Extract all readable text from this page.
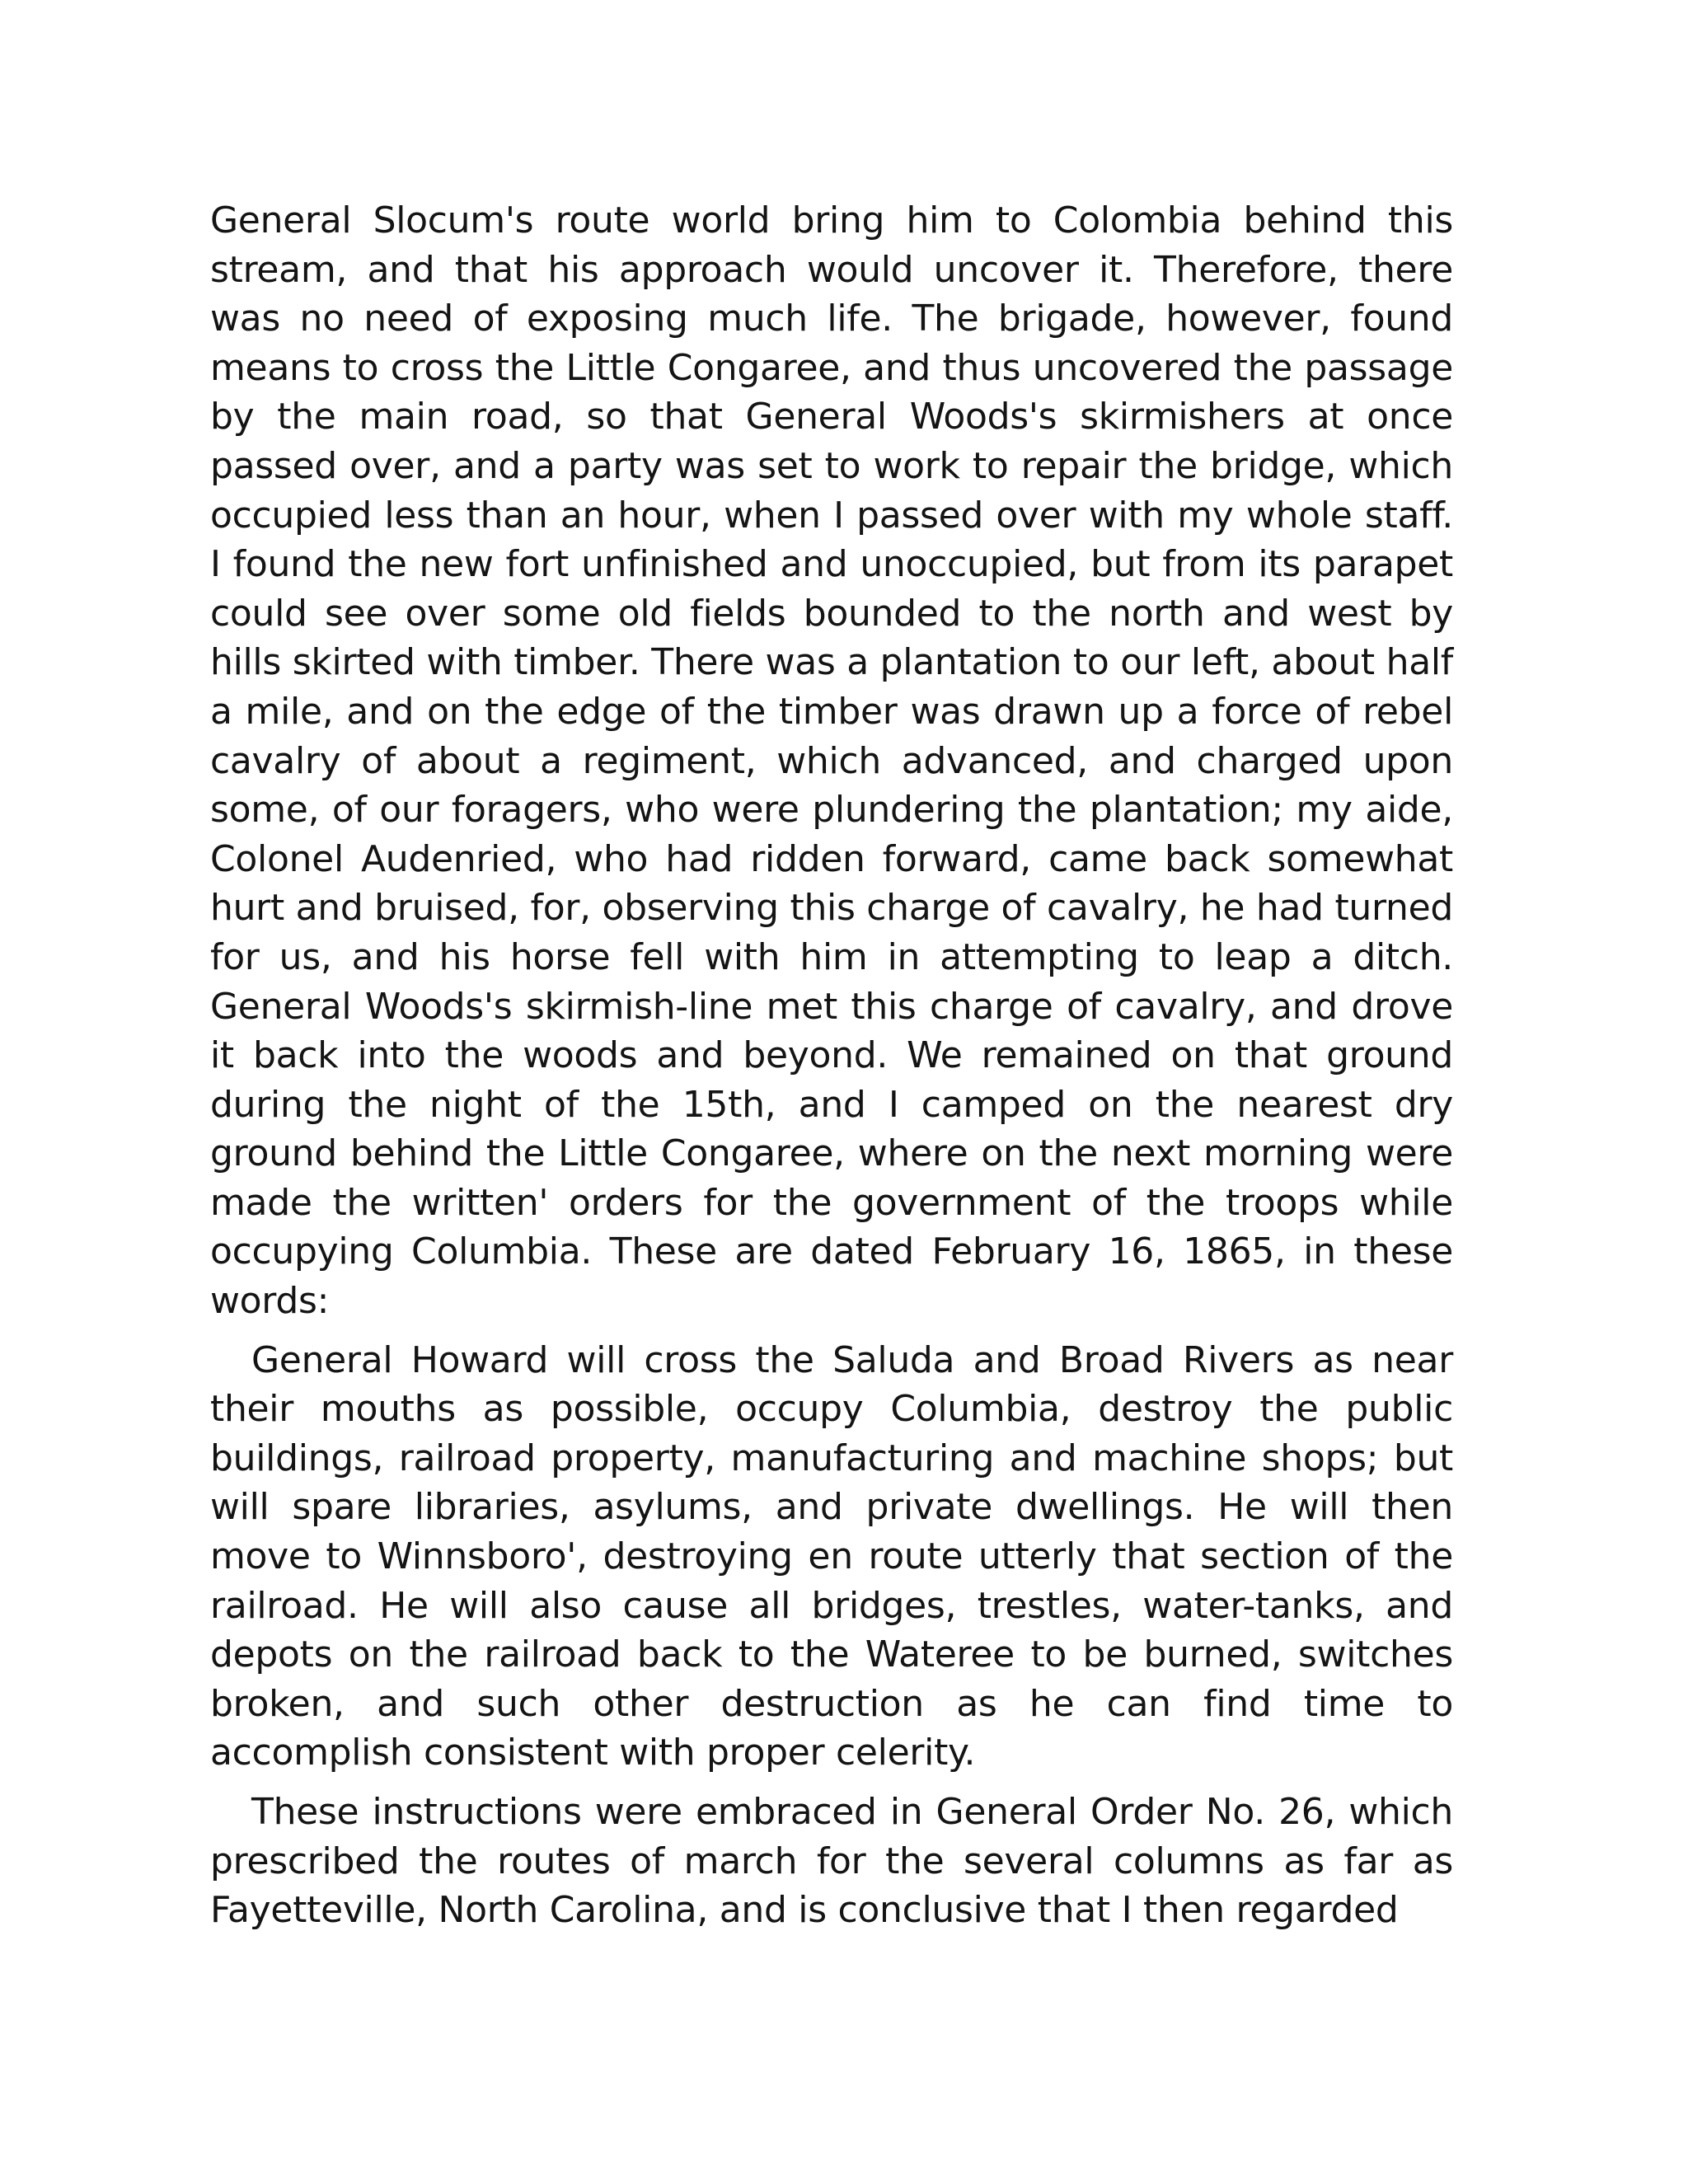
General Slocum's route world bring him to Colombia behind this stream, and that his approach would uncover it. Therefore, there was no need of exposing much life. The brigade, however, found means to cross the Little Congaree, and thus uncovered the passage by the main road, so that General Woods's skirmishers at once passed over, and a party was set to work to repair the bridge, which occupied less than an hour, when I passed over with my whole staff. I found the new fort unfinished and unoccupied, but from its parapet could see over some old fields bounded to the north and west by hills skirted with timber. There was a plantation to our left, about half a mile, and on the edge of the timber was drawn up a force of rebel cavalry of about a regiment, which advanced, and charged upon some, of our foragers, who were plundering the plantation; my aide, Colonel Audenried, who had ridden forward, came back somewhat hurt and bruised, for, observing this charge of cavalry, he had turned for us, and his horse fell with him in attempting to leap a ditch. General Woods's skirmish-line met this charge of cavalry, and drove it back into the woods and beyond. We remained on that ground during the night of the 15th, and I camped on the nearest dry ground behind the Little Congaree, where on the next morning were made the written' orders for the government of the troops while occupying Columbia. These are dated February 16, 1865, in these words:

General Howard will cross the Saluda and Broad Rivers as near their mouths as possible, occupy Columbia, destroy the public buildings, railroad property, manufacturing and machine shops; but will spare libraries, asylums, and private dwellings. He will then move to Winnsboro', destroying en route utterly that section of the railroad. He will also cause all bridges, trestles, water-tanks, and depots on the railroad back to the Wateree to be burned, switches broken, and such other destruction as he can find time to accomplish consistent with proper celerity.

These instructions were embraced in General Order No. 26, which prescribed the routes of march for the several columns as far as Fayetteville, North Carolina, and is conclusive that I then regarded
